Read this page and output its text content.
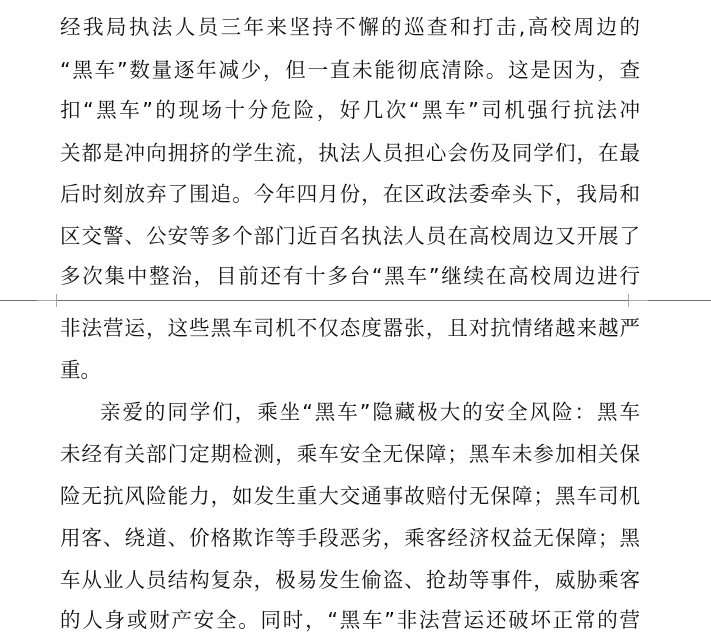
经我局执法人员三年来坚持不懈的巡查和打击,高校周边的
“黑车”数量逐年减少，但一直未能彻底清除。这是因为，查
扣“黑车”的现场十分危险，好几次“黑车”司机强行抗法冲
关都是冲向拥挤的学生流，执法人员担心会伤及同学们，在最
后时刻放弃了围追。今年四月份，在区政法委牵头下，我局和
区交警、公安等多个部门近百名执法人员在高校周边又开展了
多次集中整治，目前还有十多台“黑车”继续在高校周边进行
非法营运，这些黑车司机不仅态度嚣张，且对抗情绪越来越严
重。
亲爱的同学们，乘坐“黑车”隐藏极大的安全风险：黑车
未经有关部门定期检测，乘车安全无保障；黑车未参加相关保
险无抗风险能力，如发生重大交通事故赔付无保障；黑车司机
用客、绕道、价格欺诈等手段恶劣，乘客经济权益无保障；黑
车从业人员结构复杂，极易发生偷盗、抢劫等事件，威胁乘客
的人身或财产安全。同时，“黑车”非法营运还破坏正常的营
